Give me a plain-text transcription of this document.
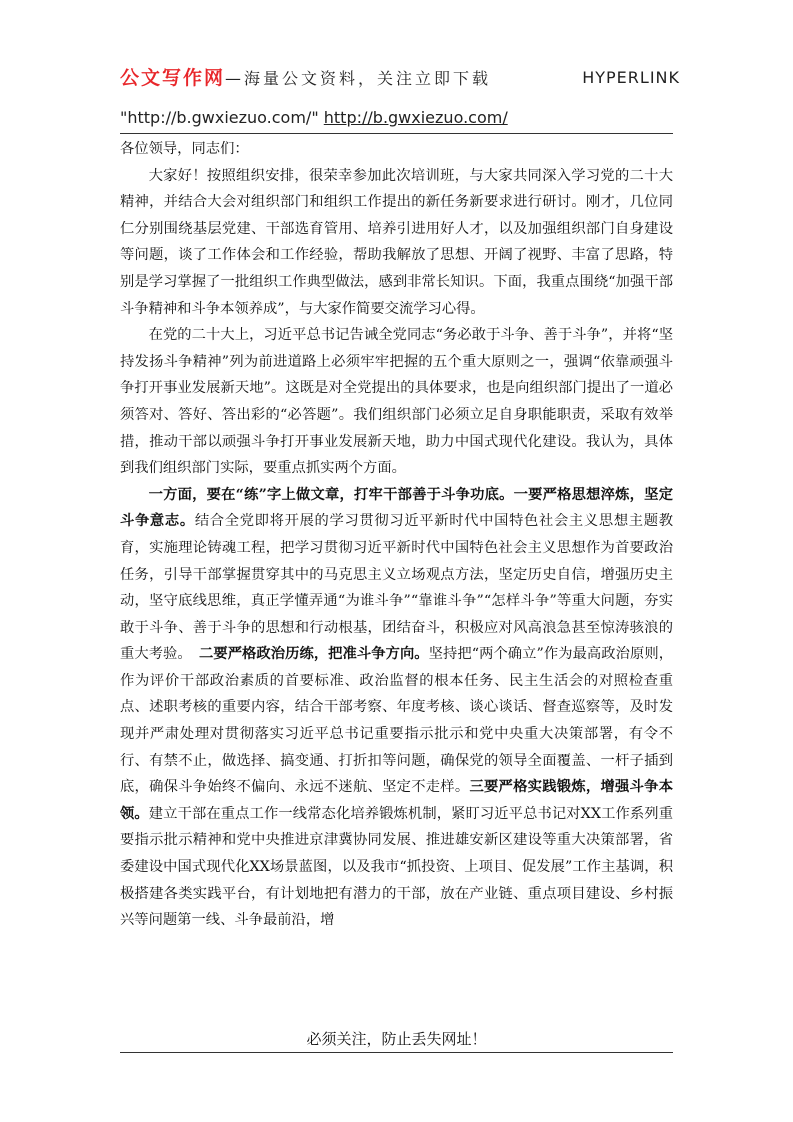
公文写作网—海量公文资料，关注立即下载	HYPERLINK
"http://b.gwxiezuo.com/" http://b.gwxiezuo.com/

各位领导，同志们：

大家好！按照组织安排，很荣幸参加此次培训班，与大家共同深入学习党的二十大精神，并结合大会对组织部门和组织工作提出的新任务新要求进行研讨。刚才，几位同仁分别围绕基层党建、干部选育管用、培养引进用好人才，以及加强组织部门自身建设等问题，谈了工作体会和工作经验，帮助我解放了思想、开阔了视野、丰富了思路，特别是学习掌握了一批组织工作典型做法，感到非常长知识。下面，我重点围绕“加强干部斗争精神和斗争本领养成”，与大家作简要交流学习心得。

在党的二十大上，习近平总书记告诫全党同志“务必敢于斗争、善于斗争”，并将“坚持发扬斗争精神”列为前进道路上必须牢牢把握的五个重大原则之一，强调“依靠顽强斗争打开事业发展新天地”。这既是对全党提出的具体要求，也是向组织部门提出了一道必须答对、答好、答出彩的“必答题”。我们组织部门必须立足自身职能职责，采取有效举措，推动干部以顽强斗争打开事业发展新天地，助力中国式现代化建设。我认为，具体到我们组织部门实际，要重点抓实两个方面。

一方面，要在“练”字上做文章，打牢干部善于斗争功底。一要严格思想淬炼，坚定斗争意志。结合全党即将开展的学习贯彻习近平新时代中国特色社会主义思想主题教育，实施理论铸魂工程，把学习贯彻习近平新时代中国特色社会主义思想作为首要政治任务，引导干部掌握贯穿其中的马克思主义立场观点方法，坚定历史自信，增强历史主动，坚守底线思维，真正学懂弄通“为谁斗争”“靠谁斗争”“怎样斗争”等重大问题，夯实敢于斗争、善于斗争的思想和行动根基，团结奋斗，积极应对风高浪急甚至惊涛骇浪的重大考验。　二要严格政治历练，把准斗争方向。坚持把“两个确立”作为最高政治原则，作为评价干部政治素质的首要标准、政治监督的根本任务、民主生活会的对照检查重点、述职考核的重要内容，结合干部考察、年度考核、谈心谈话、督查巡察等，及时发现并严肃处理对贯彻落实习近平总书记重要指示批示和党中央重大决策部署，有令不行、有禁不止，做选择、搞变通、打折扣等问题，确保党的领导全面覆盖、一杆子插到底，确保斗争始终不偏向、永远不迷航、坚定不走样。三要严格实践锻炼，增强斗争本领。建立干部在重点工作一线常态化培养锻炼机制，紧盯习近平总书记对XX工作系列重要指示批示精神和党中央推进京津冀协同发展、推进雄安新区建设等重大决策部署，省委建设中国式现代化XX场景蓝图，以及我市“抓投资、上项目、促发展”工作主基调，积极搭建各类实践平台，有计划地把有潜力的干部，放在产业链、重点项目建设、乡村振兴等问题第一线、斗争最前沿，增

必须关注，防止丢失网址！
